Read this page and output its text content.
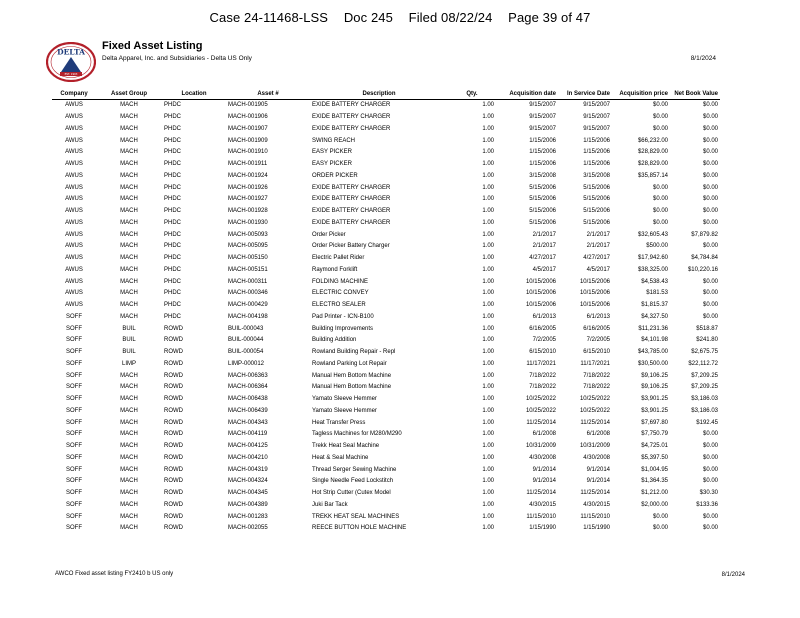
Case 24-11468-LSS Doc 245 Filed 08/22/24 Page 39 of 47
DELTA
EST. 1903
Fixed Asset Listing
Delta Apparel, Inc. and Subsidiaries - Delta US Only	8/1/2024
Company	Asset Group	Location	Asset #	Description	Qty.	Acquisition date	In Service Date	Acquisition price	Net Book Value
AWUS	MACH	PHDC	MACH-001905	EXIDE BATTERY CHARGER	1.00	9/15/2007	9/15/2007	$0.00	$0.00
AWUS	MACH	PHDC	MACH-001906	EXIDE BATTERY CHARGER	1.00	9/15/2007	9/15/2007	$0.00	$0.00
AWUS	MACH	PHDC	MACH-001907	EXIDE BATTERY CHARGER	1.00	9/15/2007	9/15/2007	$0.00	$0.00
AWUS	MACH	PHDC	MACH-001909	SWING REACH	1.00	1/15/2006	1/15/2006	$66,232.00	$0.00
AWUS	MACH	PHDC	MACH-001910	EASY PICKER	1.00	1/15/2006	1/15/2006	$28,829.00	$0.00
AWUS	MACH	PHDC	MACH-001911	EASY PICKER	1.00	1/15/2006	1/15/2006	$28,829.00	$0.00
AWUS	MACH	PHDC	MACH-001924	ORDER PICKER	1.00	3/15/2008	3/15/2008	$35,857.14	$0.00
AWUS	MACH	PHDC	MACH-001926	EXIDE BATTERY CHARGER	1.00	5/15/2006	5/15/2006	$0.00	$0.00
AWUS	MACH	PHDC	MACH-001927	EXIDE BATTERY CHARGER	1.00	5/15/2006	5/15/2006	$0.00	$0.00
AWUS	MACH	PHDC	MACH-001928	EXIDE BATTERY CHARGER	1.00	5/15/2006	5/15/2006	$0.00	$0.00
AWUS	MACH	PHDC	MACH-001930	EXIDE BATTERY CHARGER	1.00	5/15/2006	5/15/2006	$0.00	$0.00
AWUS	MACH	PHDC	MACH-005093	Order Picker	1.00	2/1/2017	2/1/2017	$32,605.43	$7,879.82
AWUS	MACH	PHDC	MACH-005095	Order Picker Battery Charger	1.00	2/1/2017	2/1/2017	$500.00	$0.00
AWUS	MACH	PHDC	MACH-005150	Electric Pallet Rider	1.00	4/27/2017	4/27/2017	$17,942.60	$4,784.84
AWUS	MACH	PHDC	MACH-005151	Raymond Forklift	1.00	4/5/2017	4/5/2017	$38,325.00	$10,220.16
AWUS	MACH	PHDC	MACH-000311	FOLDING MACHINE	1.00	10/15/2006	10/15/2006	$4,538.43	$0.00
AWUS	MACH	PHDC	MACH-000346	ELECTRIC CONVEY	1.00	10/15/2006	10/15/2006	$181.53	$0.00
AWUS	MACH	PHDC	MACH-000429	ELECTRO SEALER	1.00	10/15/2006	10/15/2006	$1,815.37	$0.00
SOFF	MACH	PHDC	MACH-004198	Pad Printer - ICN-B100	1.00	6/1/2013	6/1/2013	$4,327.50	$0.00
SOFF	BUIL	ROWD	BUIL-000043	Building Improvements	1.00	6/16/2005	6/16/2005	$11,231.36	$518.87
SOFF	BUIL	ROWD	BUIL-000044	Building Addition	1.00	7/2/2005	7/2/2005	$4,101.98	$241.80
SOFF	BUIL	ROWD	BUIL-000054	Rowland Building Repair - Repl	1.00	6/15/2010	6/15/2010	$43,785.00	$2,675.75
SOFF	LIMP	ROWD	LIMP-000012	Rowland Parking Lot Repair	1.00	11/17/2021	11/17/2021	$30,500.00	$22,112.72
SOFF	MACH	ROWD	MACH-006363	Manual Hem Bottom Machine	1.00	7/18/2022	7/18/2022	$9,106.25	$7,209.25
SOFF	MACH	ROWD	MACH-006364	Manual Hem Bottom Machine	1.00	7/18/2022	7/18/2022	$9,106.25	$7,209.25
SOFF	MACH	ROWD	MACH-006438	Yamato Sleeve Hemmer	1.00	10/25/2022	10/25/2022	$3,901.25	$3,186.03
SOFF	MACH	ROWD	MACH-006439	Yamato Sleeve Hemmer	1.00	10/25/2022	10/25/2022	$3,901.25	$3,186.03
SOFF	MACH	ROWD	MACH-004343	Heat Transfer Press	1.00	11/25/2014	11/25/2014	$7,697.80	$192.45
SOFF	MACH	ROWD	MACH-004119	Tagless Machines for M280/M290	1.00	6/1/2008	6/1/2008	$7,750.79	$0.00
SOFF	MACH	ROWD	MACH-004125	Trekk Heat Seal Machine	1.00	10/31/2009	10/31/2009	$4,725.01	$0.00
SOFF	MACH	ROWD	MACH-004210	Heat & Seal Machine	1.00	4/30/2008	4/30/2008	$5,397.50	$0.00
SOFF	MACH	ROWD	MACH-004319	Thread Serger Sewing Machine	1.00	9/1/2014	9/1/2014	$1,004.95	$0.00
SOFF	MACH	ROWD	MACH-004324	Single Needle Feed Lockstitch	1.00	9/1/2014	9/1/2014	$1,364.35	$0.00
SOFF	MACH	ROWD	MACH-004345	Hot Strip Cutter (Cutex Model	1.00	11/25/2014	11/25/2014	$1,212.00	$30.30
SOFF	MACH	ROWD	MACH-004389	Juki Bar Tack	1.00	4/30/2015	4/30/2015	$2,000.00	$133.36
SOFF	MACH	ROWD	MACH-001283	TREKK HEAT SEAL MACHINES	1.00	11/15/2010	11/15/2010	$0.00	$0.00
SOFF	MACH	ROWD	MACH-002055	REECE BUTTON HOLE MACHINE	1.00	1/15/1990	1/15/1990	$0.00	$0.00
AWCO Fixed asset listing FY2410 b US only	8/1/2024
